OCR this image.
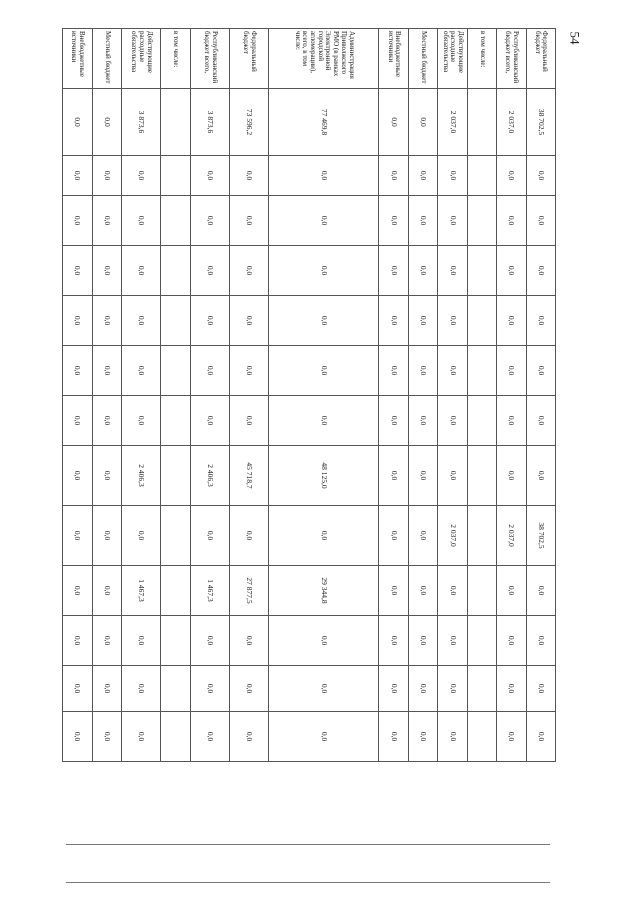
54
Федеральный бюджет	38 702,5	0,0	0,0	0,0	0,0	0,0	0,0	0,0	38 702,5	0,0	0,0	0,0	0,0
Республиканский бюджет всего,	2 037,0	0,0	0,0	0,0	0,0	0,0	0,0	0,0	2 037,0	0,0	0,0	0,0	0,0
в том числе:													
Действующие расходные обязательства	2 037,0	0,0	0,0	0,0	0,0	0,0	0,0	0,0	2 037,0	0,0	0,0	0,0	0,0
Местный бюджет	0,0	0,0	0,0	0,0	0,0	0,0	0,0	0,0	0,0	0,0	0,0	0,0	0,0
Внебюджетные источники	0,0	0,0	0,0	0,0	0,0	0,0	0,0	0,0	0,0	0,0	0,0	0,0	0,0
Администрация Приволжского РМО (в рамках Электронной городской агломерации), всего, в том числе:	77 469,8	0,0	0,0	0,0	0,0	0,0	0,0	48 125,0	0,0	29 344,8	0,0	0,0	0,0
Федеральный бюджет	73 596,2	0,0	0,0	0,0	0,0	0,0	0,0	45 718,7	0,0	27 877,5	0,0	0,0	0,0
Республиканский бюджет всего,	3 873,6	0,0	0,0	0,0	0,0	0,0	0,0	2 406,3	0,0	1 467,3	0,0	0,0	0,0
в том числе:													
Действующие расходные обязательства	3 873,6	0,0	0,0	0,0	0,0	0,0	0,0	2 406,3	0,0	1 467,3	0,0	0,0	0,0
Местный бюджет	0,0	0,0	0,0	0,0	0,0	0,0	0,0	0,0	0,0	0,0	0,0	0,0	0,0
Внебюджетные источники	0,0	0,0	0,0	0,0	0,0	0,0	0,0	0,0	0,0	0,0	0,0	0,0	0,0
